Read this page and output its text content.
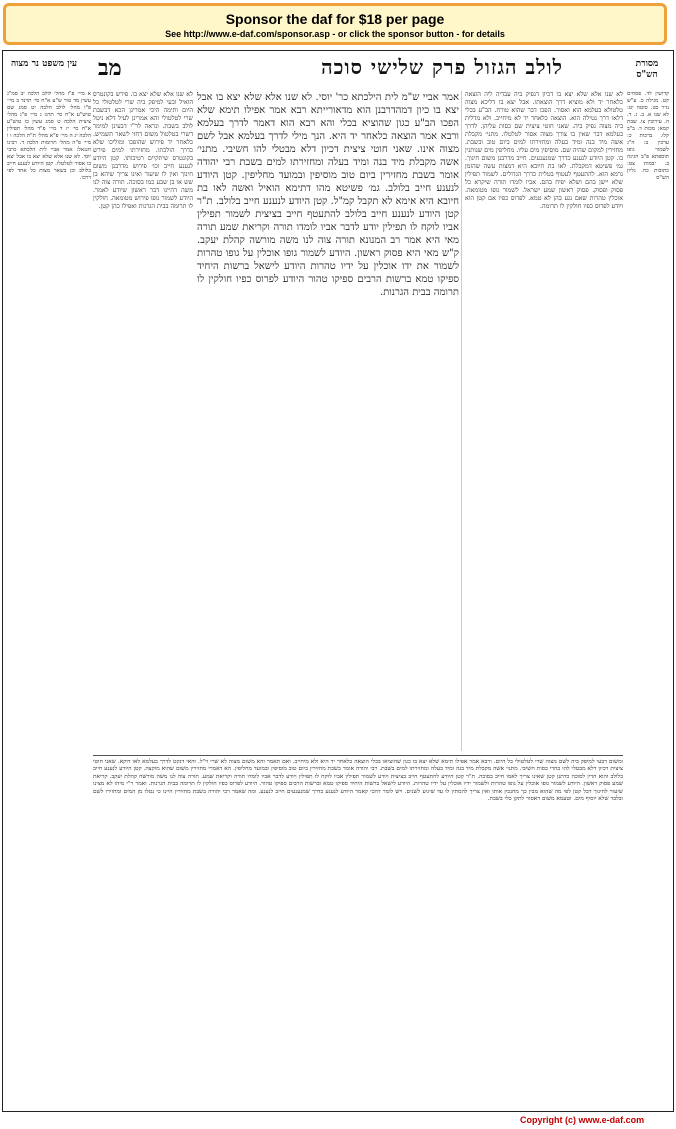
Sponsor the daf for $18 per page
See http://www.e-daf.com/sponsor.asp - or click the sponsor button - for details
מסורת הש"ס
לולב הגזול פרק שלישי סוכה
מב
עין משפט נר מצוה
קדושין לד. פסחים קט. מגילה כ. ע"ש נזיר כט. סוטה יט: לא שנו א. ב. ג. ד. ה. עירובין צו. שבת קמא: מכות ד. ב"ב קלו. ברכות כ: ערכין ב: ה"ג לשמור גופו תוספתא פ"ב חגיגה ב. יבמות צט: כתובות כח. גליון הש"ס
לא שנו אלא שלא יצא בו דכיון דנפיק ביה עבדיה ליה הוצאה כלאחר יד ולא מוציא דרך הוצאתו. אבל יצא בו דליכא מצוה טלטולא בעלמא הוא ואסור. הפכו דבר שהוא טורח. הב"ע בכלי דלאו דרך נטילה הוא. הוצאה כלאחר יד לא מיחייב. ולא מדלית ביה מצוה נפיק ביה. שאני חוטי ציצית שם כסות עליהן. לדרך בעלמא דבר שאין בו צורך מצוה אסור לטלטלו. מתני׳ מקבלת אשה מיד בנה ומיד בעלה ומחזירתו למים ביום טוב ובשבת. מחזירין למקום שהיה שם. מוסיפין מים עליו. מחליפין מים שנותנין בו. קטן היודע לנענע כדרך שמנענעים. חייב מדרבנן משום חינוך. גמ׳ פשיטא דמקבלת. לאו בת חיובא היא דמצות עשה שהזמן גרמא הוא. להתעטף לעטוף בטלית כדרך הגדולים. לשמור תפילין שלא יישן בהם ושלא יפיח בהם. אביו לומדו תורה שיקרא כל פסוק ופסוק. פסוק ראשון שמע ישראל. לשמור גופו מטומאה. אוכלין טהרות שאם נגע בהן לא טמא. לפרוס כפיו אם קטן הוא ויודע לפרוס כפיו חולקין לו תרומה.
אמר אביי ש"מ לית הילכתא כר' יוסי. לא שנו אלא שלא יצא בו אבל יצא בו כיון דמהדרבנן הוא מדאורייתא רבא אמר אפילו תימא שלא הפכו הב"ע כגון שהוציא בכלי והא רבא הוא דאמר לדרך בעלמא ורבא אמר הוצאה כלאחר יד היא. הנך מילי לדרך בעלמא אבל לשם מצוה אינו. שאני חוטי ציצית דכיון דלא מבטלי להו חשיבי. מתני׳ אשה מקבלת מיד בנה ומיד בעלה ומחזירתו למים בשבת רבי יהודה אומר בשבת מחזירין ביום טוב מוסיפין ובמועד מחליפין. קטן היודע לנענע חייב בלולב. גמ׳ פשיטא מהו דתימא הואיל ואשה לאו בת חיובא היא אימא לא תקבל קמ"ל. קטן היודע לנענע חייב בלולב. ת"ר קטן היודע לנענע חייב בלולב להתעטף חייב בציצית לשמור תפילין אביו לוקח לו תפילין יודע לדבר אביו לומדו תורה וקריאת שמע תורה מאי היא אמר רב המנונא תורה צוה לנו משה מורשה קהלת יעקב. ק"ש מאי היא פסוק ראשון. היודע לשמור גופו אוכלין על גופו טהרות לשמור את ידו אוכלין על ידיו טהרות היודע לישאל ברשות היחיד ספיקו טמא ברשות הרבים ספיקו טהור היודע לפרוס כפיו חולקין לו תרומה בבית הגרנות.
לא שנו אלא שלא יצא בו. פירש בקונטרס הואיל ובעי למיפק ביה שרי לטלטולי כל היום ותימה היכי אמרינן הכא דבשבת שרי לטלטולי והא אמרינן לעיל דלא ניטל לולב בשבת. ונראה לר"י דבעינן למימר דשרי בטלטול משום דחזי לשאר תשמיש. כלאחר יד פירוש שהופכו ומוליכו שלא כדרך הולכתו. מחזירתו למים פירש בקונטרס שיתקיים רטיבותו. קטן היודע לנענע חייב וכו׳ פירוש מדרבנן משום חינוך ואין לו שיעור ואינו צריך שיהא בן שש או בן שבע כמו בסוכה. תורה צוה לנו משה דהיינו דבר ראשון שיודע לאמר. היודע לשמור גופו פירוש מטומאה. חולקין לו תרומה בבית הגרנות ואפילו כהן קטן.
א מיי׳ פ"ז מהל׳ לולב הלכה יב סמ"ג עשין מד טור ש"ע א"ח סי׳ תרנד ב מיי׳ פ"ו מהל׳ לולב הלכה יט סמג שם טוש"ע א"ח סי׳ תרנז ג מיי׳ פ"ג מהל׳ ציצית הלכה ט סמג עשין כו טוש"ע א"ח סי׳ יז ד מיי׳ פ"ד מהל׳ תפילין הלכה יג ה מיי׳ פ"א מהל׳ ת"ת הלכה ו ו מיי׳ פ"ה מהל׳ תרומות הלכה ד. רבינו חננאל: אמר אביי לית הלכתא כרבי יוסי. לא שנו אלא שלא יצא בו אבל יצא בו אסור לטלטלו. קטן היודע לנענע חייב בלולב וכן בשאר מצות כל אחד לפי דרכו.
ומשום דבעי למיפק ביה לשם מצוה שרי לטלטולי כל היום. ורבא אמר אפילו תימא שלא יצא בו כגון שהוציאו בכלי הוצאה כלאחר יד היא ולא מיחייב. ואם תאמר והא משום מצוה לא שרי וי"ל. והאי דנקט לדרך בעלמא לאו דוקא. שאני חוטי ציצית דכיון דלא מבטלי להו בהדי כסות חשיבי. מתני׳ אשה מקבלת מיד בנה ומיד בעלה ומחזירתו למים בשבת. רבי יהודה אומר בשבת מחזירין ביום טוב מוסיפין ובמועד מחליפין. הא דאמרי מחזירין משום שהוא מוקצה. קטן היודע לנענע חייב בלולב והוא הדין לסוכה כדתנן קטן שאינו צריך לאמו חייב בסוכה. ת"ר קטן היודע להתעטף חייב בציצית ויודע לשמור תפילין אביו לוקח לו תפילין ויודע לדבר אביו לומדו תורה וקריאת שמע. תורה צוה לנו משה מורשה קהלת יעקב. קריאת שמע פסוק ראשון. היודע לשמור גופו אוכלין על גופו טהרות ולשמור ידיו אוכלין על ידיו טהרות. היודע לישאל ברשות היחיד ספיקו טמא וברשות הרבים ספיקו טהור. היודע לפרוס כפיו חולקין לו תרומה בבית הגרנות. ואמר ר"י מיהו לא מצינו שיעור לחינוך דכל קטן לפי מה שהוא מבין כך מחנכין אותו ואין צריך להמתין לו עד שיגיע לשנים. ויש לומר דהכי קאמר היודע לנענע כדרך שמנענעים חייב לנענע. ומה שאמר רבי יהודה בשבת מחזירין היינו כי נטלו מן המים ומחזירו לשם ובלבד שלא יוסיף מים. וטעמא משום דאסור לתקן כלי בשבת.
Copyright (c) www.e-daf.com
